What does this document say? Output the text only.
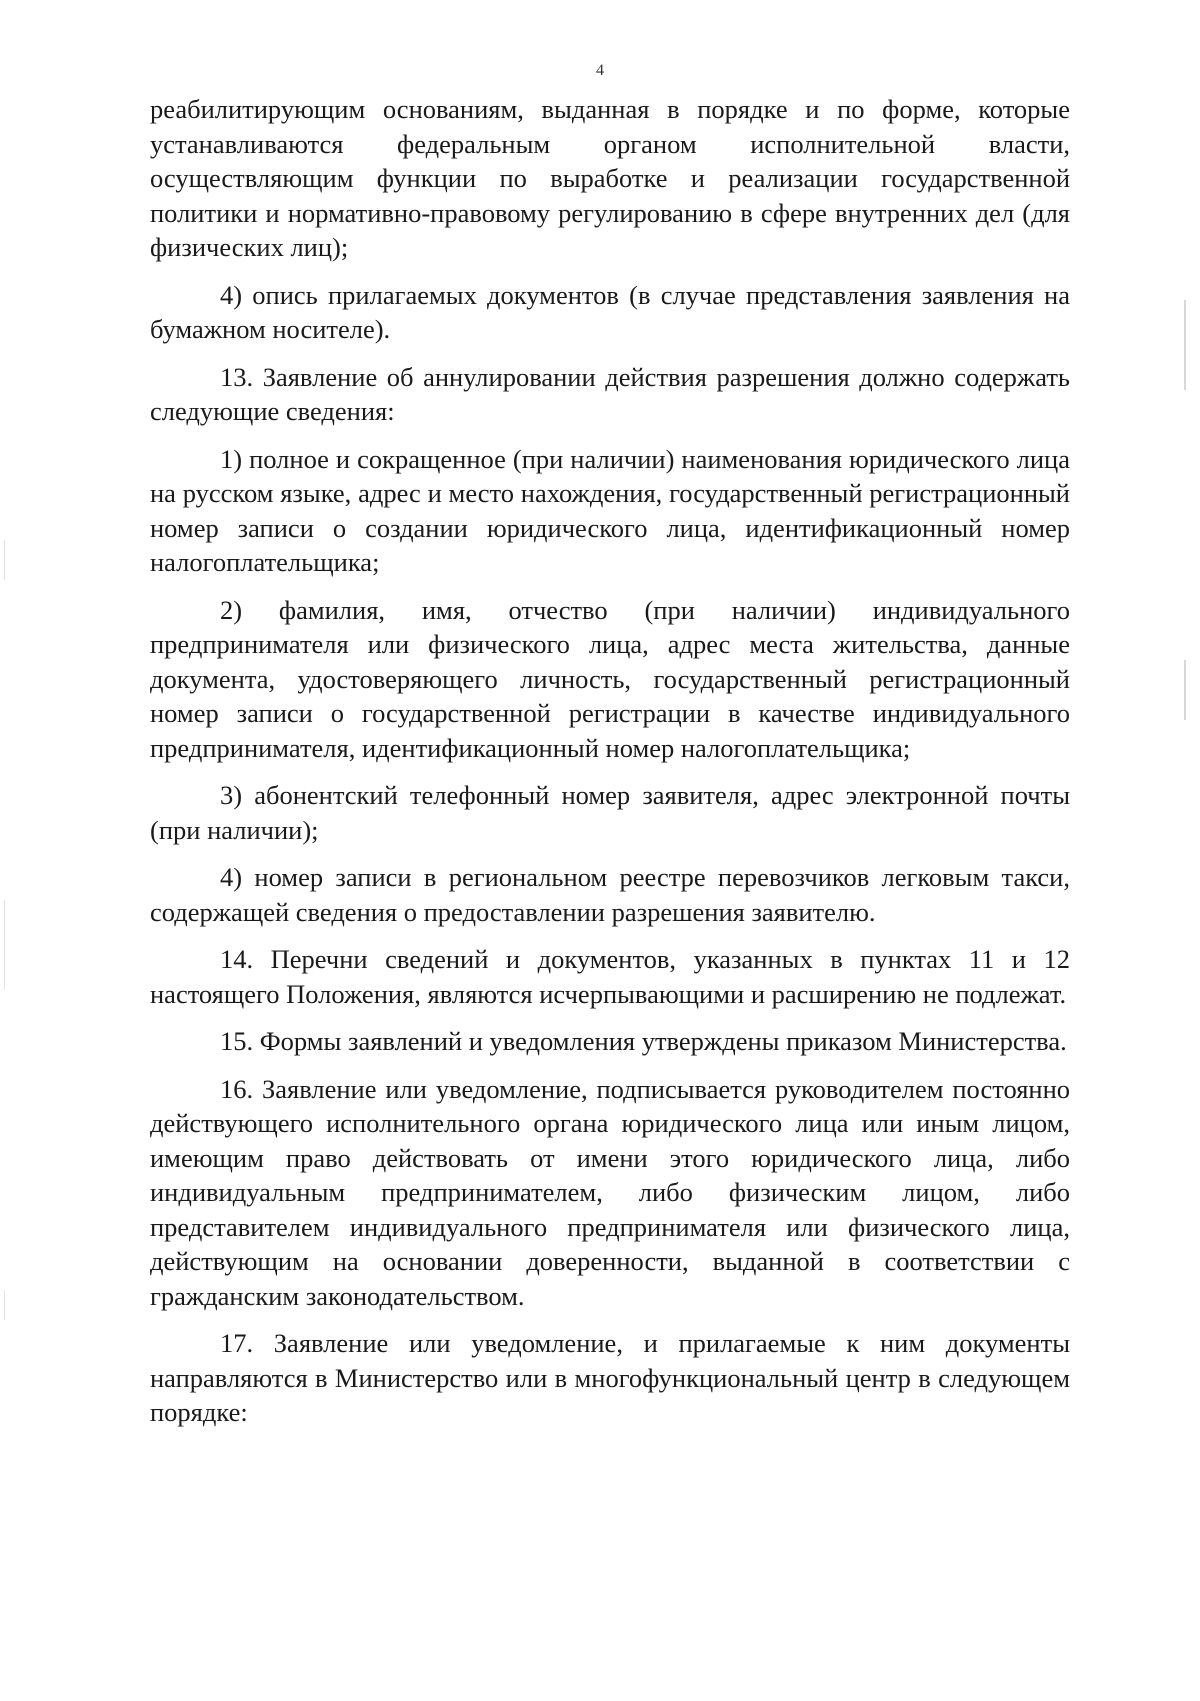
4

реабилитирующим основаниям, выданная в порядке и по форме, которые устанавливаются федеральным органом исполнительной власти, осуществляющим функции по выработке и реализации государственной политики и нормативно-правовому регулированию в сфере внутренних дел (для физических лиц);

4) опись прилагаемых документов (в случае представления заявления на бумажном носителе).

13. Заявление об аннулировании действия разрешения должно содержать следующие сведения:

1) полное и сокращенное (при наличии) наименования юридического лица на русском языке, адрес и место нахождения, государственный регистрационный номер записи о создании юридического лица, идентификационный номер налогоплательщика;

2) фамилия, имя, отчество (при наличии) индивидуального предпринимателя или физического лица, адрес места жительства, данные документа, удостоверяющего личность, государственный регистрационный номер записи о государственной регистрации в качестве индивидуального предпринимателя, идентификационный номер налогоплательщика;

3) абонентский телефонный номер заявителя, адрес электронной почты (при наличии);

4) номер записи в региональном реестре перевозчиков легковым такси, содержащей сведения о предоставлении разрешения заявителю.

14. Перечни сведений и документов, указанных в пунктах 11 и 12 настоящего Положения, являются исчерпывающими и расширению не подлежат.

15. Формы заявлений и уведомления утверждены приказом Министерства.

16. Заявление или уведомление, подписывается руководителем постоянно действующего исполнительного органа юридического лица или иным лицом, имеющим право действовать от имени этого юридического лица, либо индивидуальным предпринимателем, либо физическим лицом, либо представителем индивидуального предпринимателя или физического лица, действующим на основании доверенности, выданной в соответствии с гражданским законодательством.

17. Заявление или уведомление, и прилагаемые к ним документы направляются в Министерство или в многофункциональный центр в следующем порядке:
